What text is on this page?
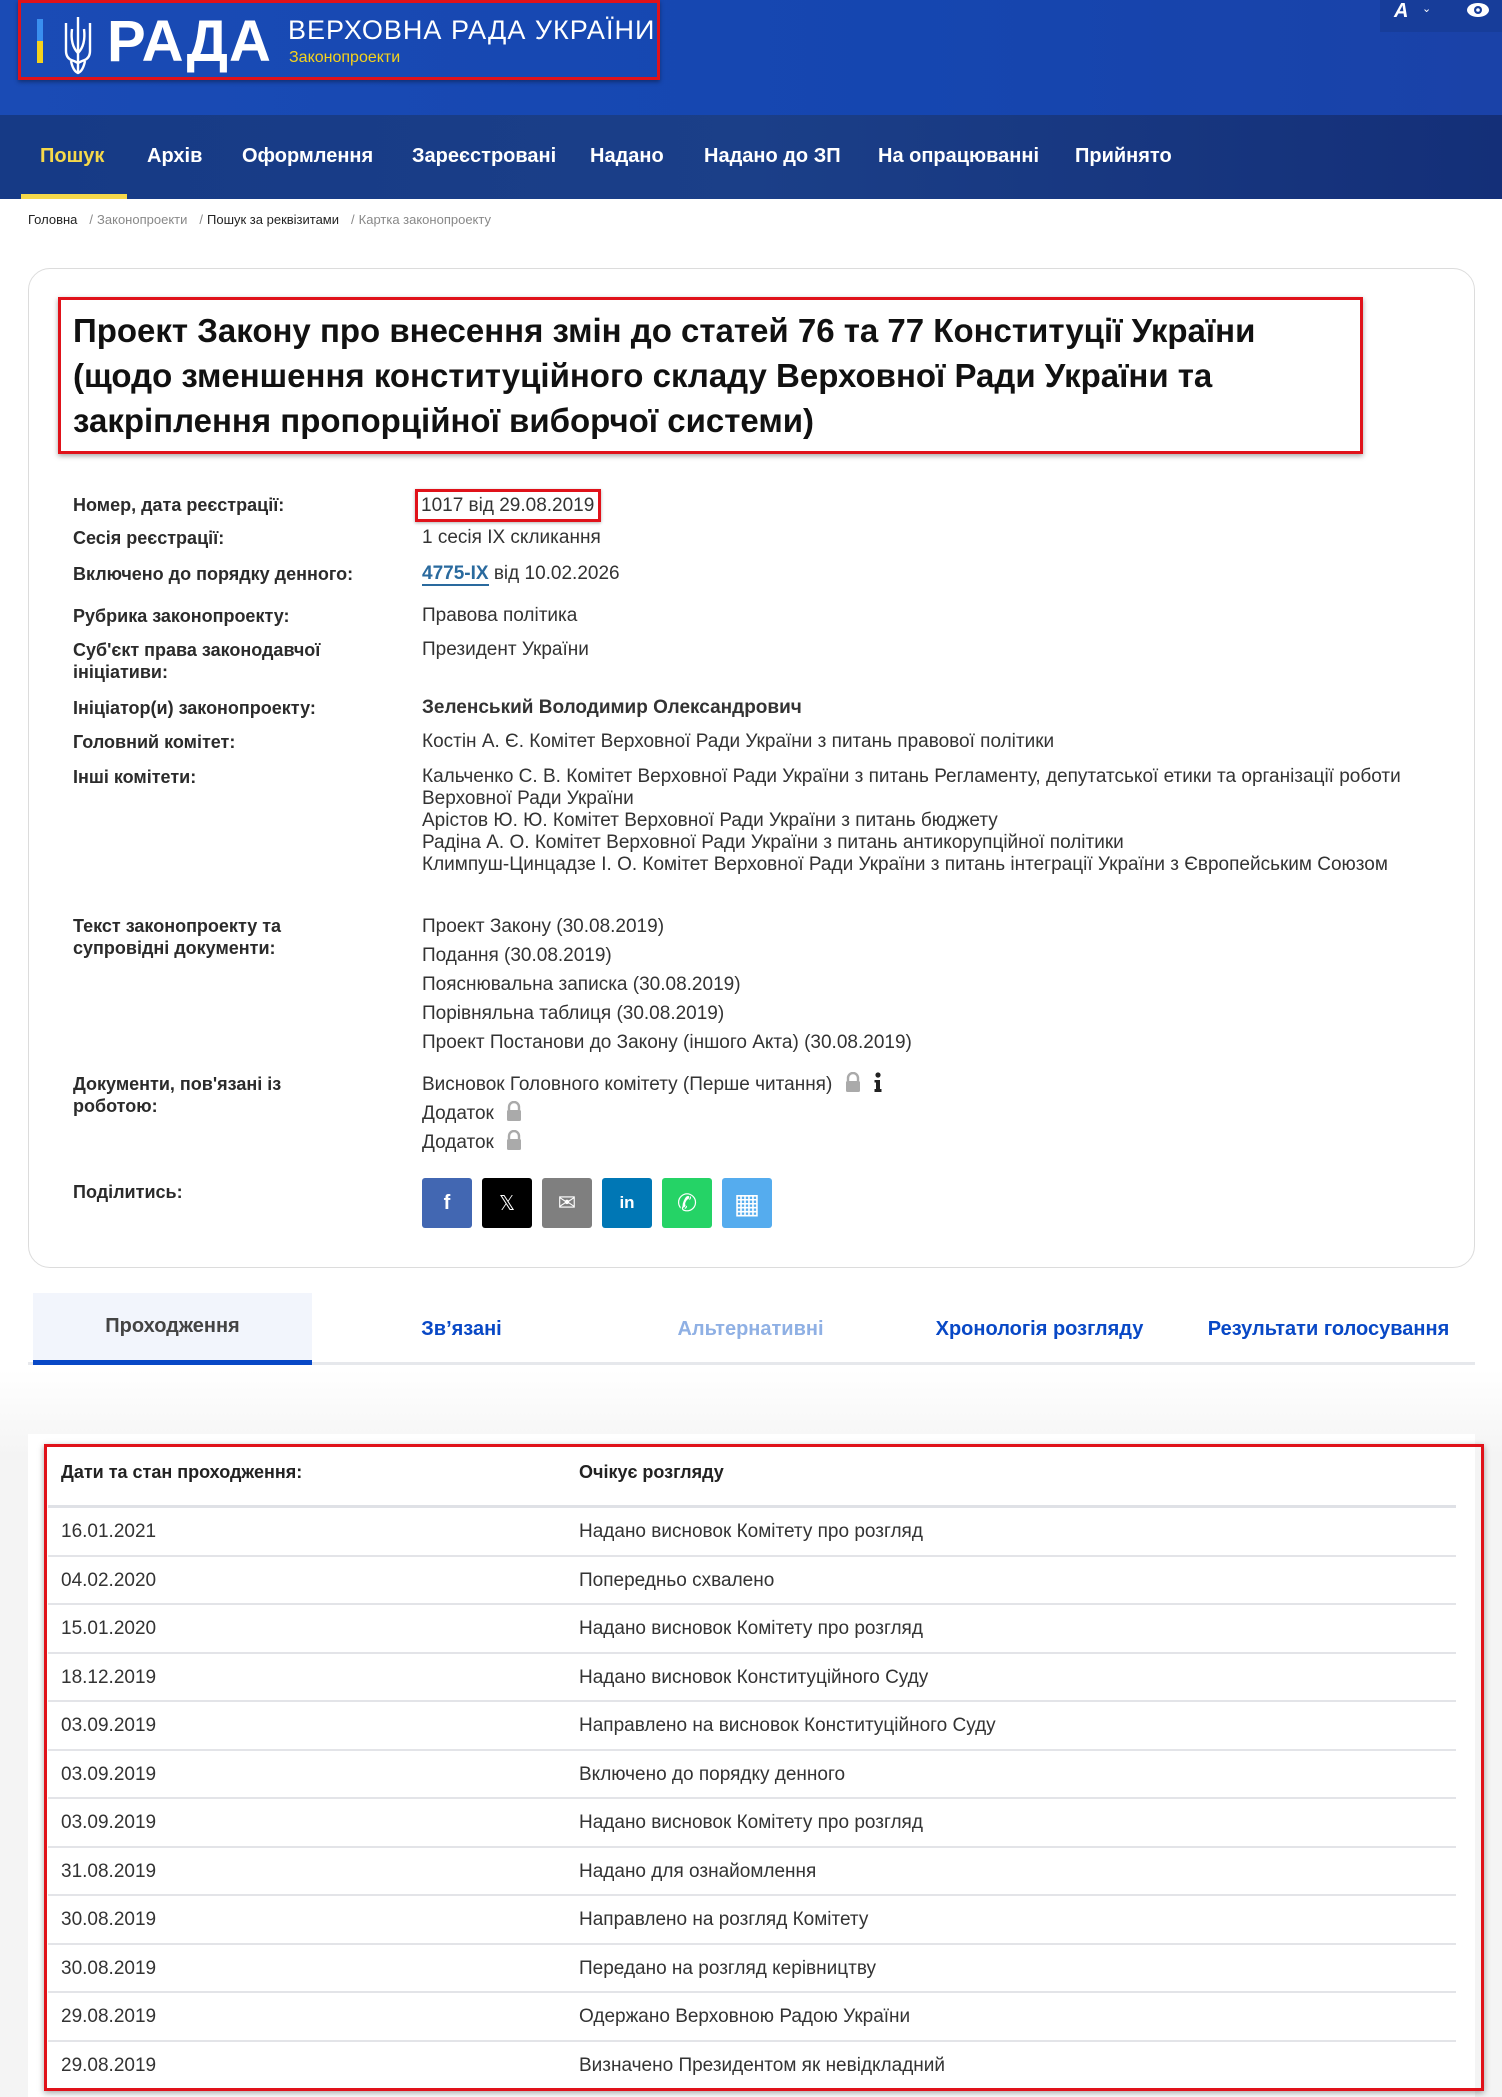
РАДА ВЕРХОВНА РАДА УКРАЇНИ
Законопроекти
A ⌄
Пошук Архів Оформлення Зареєстровані Надано Надано до ЗП На опрацюванні Прийнято
Головна / Законопроекти / Пошук за реквізитами / Картка законопроекту
Проект Закону про внесення змін до статей 76 та 77 Конституції України (щодо зменшення конституційного складу Верховної Ради України та закріплення пропорційної виборчої системи)
Номер, дата реєстрації:	1017 від 29.08.2019
Сесія реєстрації:	1 сесія IX скликання
Включено до порядку денного:	4775-IX від 10.02.2026
Рубрика законопроекту:	Правова політика
Суб'єкт права законодавчої ініціативи:
Президент України
Ініціатор(и) законопроекту:	Зеленський Володимир Олександрович
Головний комітет:	Костін А. Є. Комітет Верховної Ради України з питань правової політики
Інші комітети:	Кальченко С. В. Комітет Верховної Ради України з питань Регламенту, депутатської етики та організації роботи Верховної Ради України
Арістов Ю. Ю. Комітет Верховної Ради України з питань бюджету
Радіна А. О. Комітет Верховної Ради України з питань антикорупційної політики
Климпуш-Цинцадзе І. О. Комітет Верховної Ради України з питань інтеграції України з Європейським Союзом
Текст законопроекту та супровідні документи:
Проект Закону (30.08.2019)
Подання (30.08.2019)
Пояснювальна записка (30.08.2019)
Порівняльна таблиця (30.08.2019)
Проект Постанови до Закону (іншого Акта) (30.08.2019)
Документи, пов'язані із роботою:
Висновок Головного комітету (Перше читання)
Додаток
Додаток
Поділитись:	f 𝕏 ✉	in ✆ ▦
Проходження	Зв’язані	Альтернативні	Хронологія розгляду	Результати голосування
Дати та стан проходження:	Очікує розгляду
16.01.2021	Надано висновок Комітету про розгляд
04.02.2020	Попередньо схвалено
15.01.2020	Надано висновок Комітету про розгляд
18.12.2019	Надано висновок Конституційного Суду
03.09.2019	Направлено на висновок Конституційного Суду
03.09.2019	Включено до порядку денного
03.09.2019	Надано висновок Комітету про розгляд
31.08.2019	Надано для ознайомлення
30.08.2019	Направлено на розгляд Комітету
30.08.2019	Передано на розгляд керівництву
29.08.2019	Одержано Верховною Радою України
29.08.2019	Визначено Президентом як невідкладний
